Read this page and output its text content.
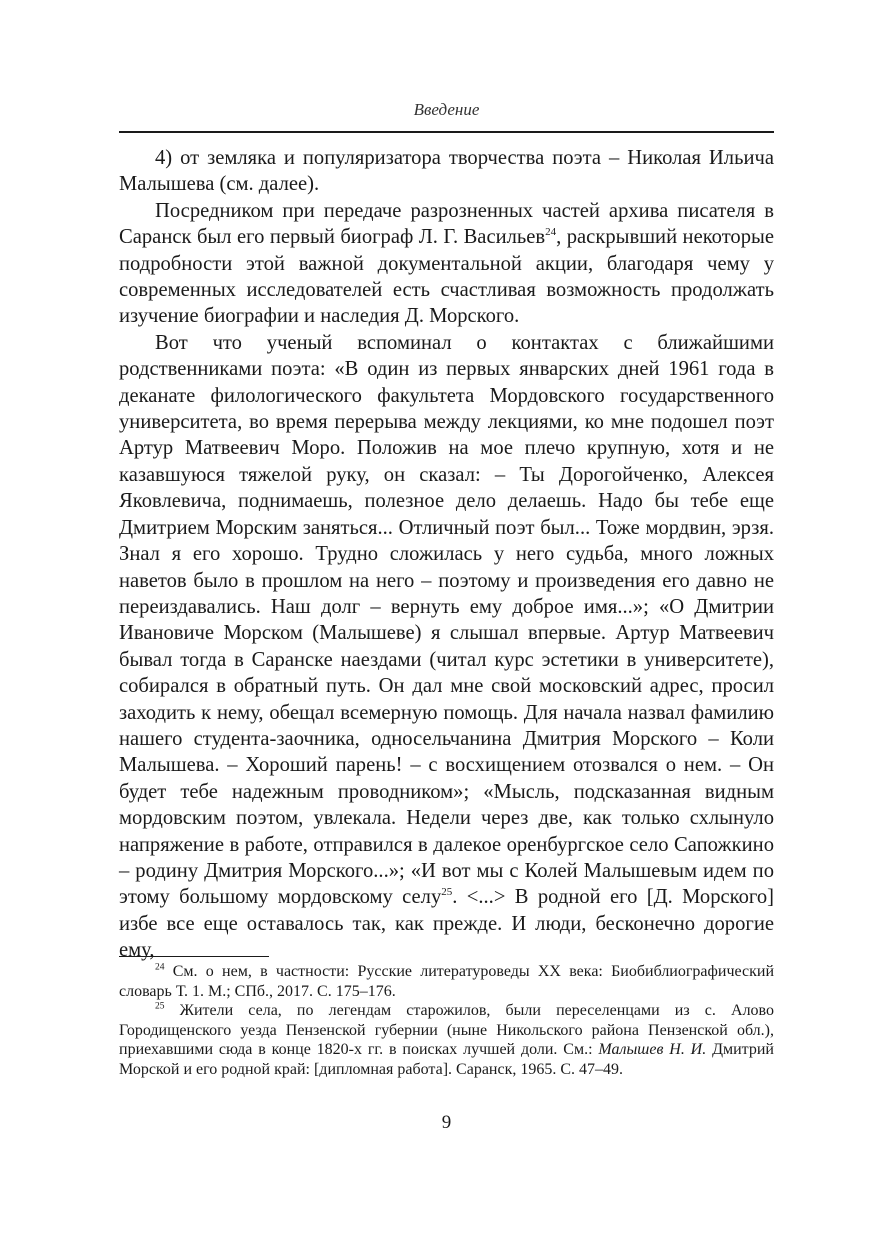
Введение

4) от земляка и популяризатора творчества поэта – Николая Ильича Малышева (см. далее).

Посредником при передаче разрозненных частей архива писателя в Саранск был его первый биограф Л. Г. Васильев$^{24}$, раскрывший некоторые подробности этой важной документальной акции, благодаря чему у современных исследователей есть счастливая возможность продолжать изучение биографии и наследия Д. Морского.

Вот что ученый вспоминал о контактах с ближайшими родственниками поэта: «В один из первых январских дней 1961 года в деканате филологического факультета Мордовского государственного университета, во время перерыва между лекциями, ко мне подошел поэт Артур Матвеевич Моро. Положив на мое плечо крупную, хотя и не казавшуюся тяжелой руку, он сказал: – Ты Дорогойченко, Алексея Яковлевича, поднимаешь, полезное дело делаешь. Надо бы тебе еще Дмитрием Морским заняться... Отличный поэт был... Тоже мордвин, эрзя. Знал я его хорошо. Трудно сложилась у него судьба, много ложных наветов было в прошлом на него – поэтому и произведения его давно не переиздавались. Наш долг – вернуть ему доброе имя...»; «О Дмитрии Ивановиче Морском (Малышеве) я слышал впервые. Артур Матвеевич бывал тогда в Саранске наездами (читал курс эстетики в университете), собирался в обратный путь. Он дал мне свой московский адрес, просил заходить к нему, обещал всемерную помощь. Для начала назвал фамилию нашего студента-заочника, односельчанина Дмитрия Морского – Коли Малышева. – Хороший парень! – с восхищением отозвался о нем. – Он будет тебе надежным проводником»; «Мысль, подсказанная видным мордовским поэтом, увлекала. Недели через две, как только схлынуло напряжение в работе, отправился в далекое оренбургское село Сапожкино – родину Дмитрия Морского...»; «И вот мы с Колей Малышевым идем по этому большому мордовскому селу$^{25}$. <...> В родной его [Д. Морского] избе все еще оставалось так, как прежде. И люди, бесконечно дорогие ему,

$^{24}$ См. о нем, в частности: Русские литературоведы XX века: Биобиблиографический словарь Т. 1. М.; СПб., 2017. С. 175–176.

$^{25}$ Жители села, по легендам старожилов, были переселенцами из с. Алово Городищенского уезда Пензенской губернии (ныне Никольского района Пензенской обл.), приехавшими сюда в конце 1820-х гг. в поисках лучшей доли. См.: Малышев Н. И. Дмитрий Морской и его родной край: [дипломная работа]. Саранск, 1965. С. 47–49.

9
